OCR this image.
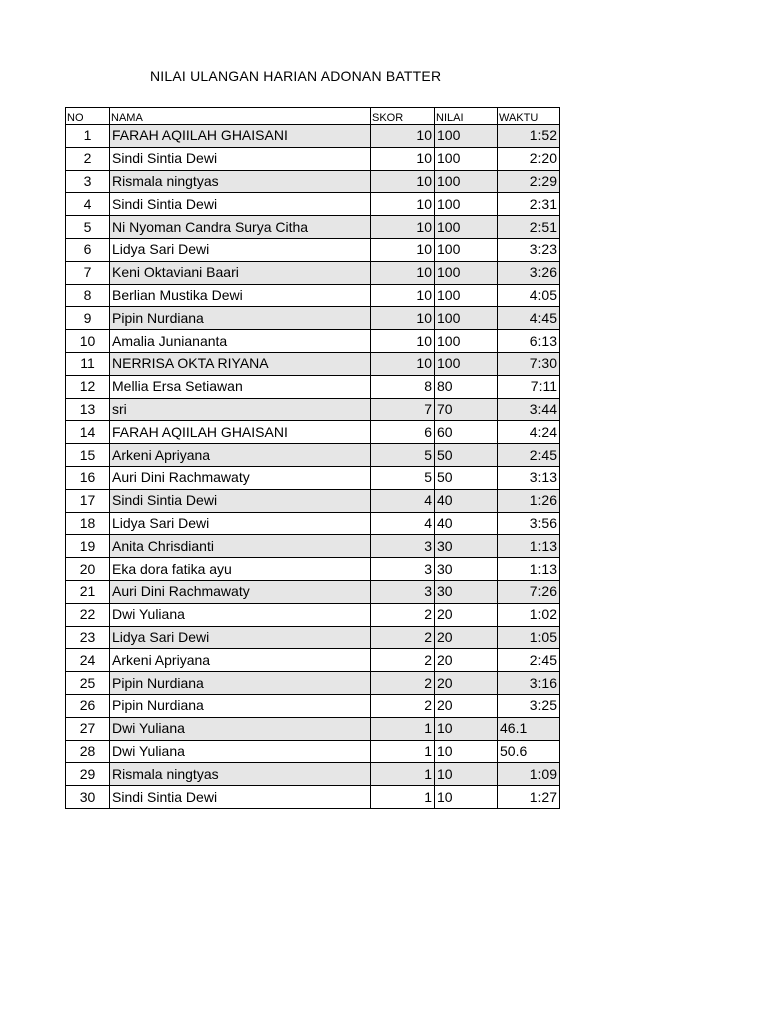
NILAI ULANGAN HARIAN ADONAN BATTER
NO	NAMA	SKOR	NILAI	WAKTU
1	FARAH AQIILAH GHAISANI	10	100	1:52
2	Sindi Sintia Dewi	10	100	2:20
3	Rismala ningtyas	10	100	2:29
4	Sindi Sintia Dewi	10	100	2:31
5	Ni Nyoman Candra Surya Citha	10	100	2:51
6	Lidya Sari Dewi	10	100	3:23
7	Keni Oktaviani Baari	10	100	3:26
8	Berlian Mustika Dewi	10	100	4:05
9	Pipin Nurdiana	10	100	4:45
10	Amalia Juniananta	10	100	6:13
11	NERRISA OKTA RIYANA	10	100	7:30
12	Mellia Ersa Setiawan	8	80	7:11
13	sri	7	70	3:44
14	FARAH AQIILAH GHAISANI	6	60	4:24
15	Arkeni Apriyana	5	50	2:45
16	Auri Dini Rachmawaty	5	50	3:13
17	Sindi Sintia Dewi	4	40	1:26
18	Lidya Sari Dewi	4	40	3:56
19	Anita Chrisdianti	3	30	1:13
20	Eka dora fatika ayu	3	30	1:13
21	Auri Dini Rachmawaty	3	30	7:26
22	Dwi Yuliana	2	20	1:02
23	Lidya Sari Dewi	2	20	1:05
24	Arkeni Apriyana	2	20	2:45
25	Pipin Nurdiana	2	20	3:16
26	Pipin Nurdiana	2	20	3:25
27	Dwi Yuliana	1	10	46.1
28	Dwi Yuliana	1	10	50.6
29	Rismala ningtyas	1	10	1:09
30	Sindi Sintia Dewi	1	10	1:27
